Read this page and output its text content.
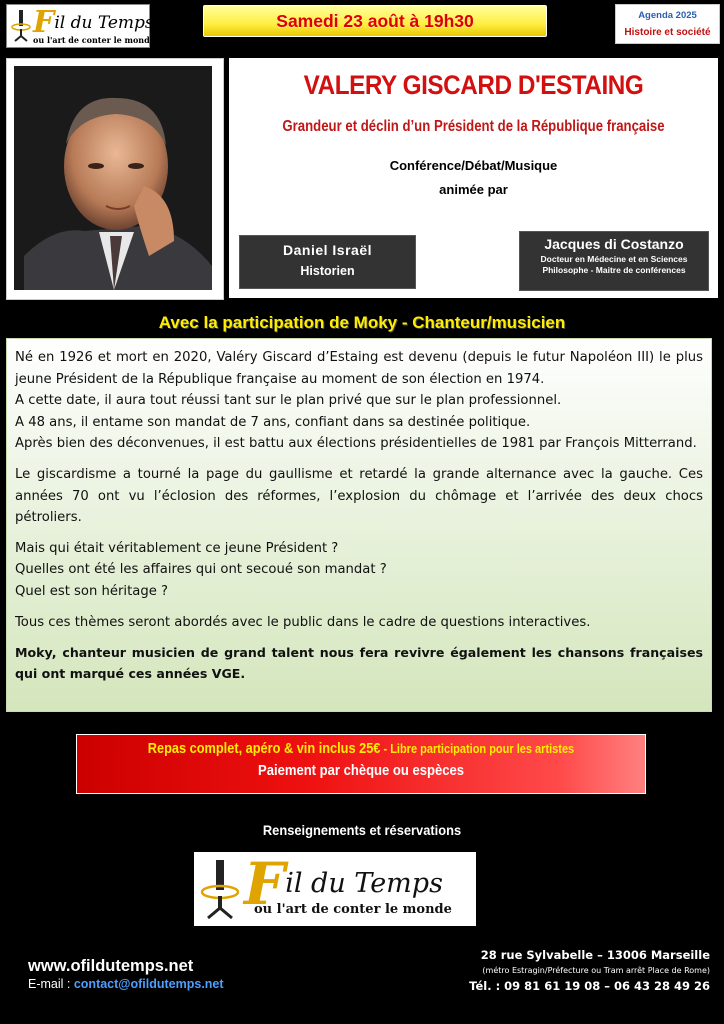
Fil du Temps
ou l'art de conter le monde
Samedi 23 août à 19h30	Agenda 2025
Histoire et société
VALERY GISCARD D'ESTAING
Grandeur et déclin d’un Président de la République française
Conférence/Débat/Musique
animée par
Daniel Israël
Historien
Jacques di Costanzo
Docteur en Médecine et en Sciences
Philosophe - Maitre de conférences
Avec la participation de Moky - Chanteur/musicien

Né en 1926 et mort en 2020, Valéry Giscard d’Estaing est devenu (depuis le futur Napoléon III) le plus jeune Président de la République française au moment de son élection en 1974.
A cette date, il aura tout réussi tant sur le plan privé que sur le plan professionnel.
A 48 ans, il entame son mandat de 7 ans, confiant dans sa destinée politique.
Après bien des déconvenues, il est battu aux élections présidentielles de 1981 par François Mitterrand.

Le giscardisme a tourné la page du gaullisme et retardé la grande alternance avec la gauche. Ces années 70 ont vu l’éclosion des réformes, l’explosion du chômage et l’arrivée des deux chocs pétroliers.

Mais qui était véritablement ce jeune Président ?
Quelles ont été les affaires qui ont secoué son mandat ?
Quel est son héritage ?

Tous ces thèmes seront abordés avec le public dans le cadre de questions interactives.

Moky, chanteur musicien de grand talent nous fera revivre également les chansons françaises qui ont marqué ces années VGE.

Repas complet, apéro & vin inclus 25€ - Libre participation pour les artistes
Paiement par chèque ou espèces
Renseignements et réservations
Fil du Temps
ou l'art de conter le monde
www.ofildutemps.net
E-mail : contact@ofildutemps.net
28 rue Sylvabelle – 13006 Marseille
(métro Estragin/Préfecture ou Tram arrêt Place de Rome)
Tél. : 09 81 61 19 08 – 06 43 28 49 26
